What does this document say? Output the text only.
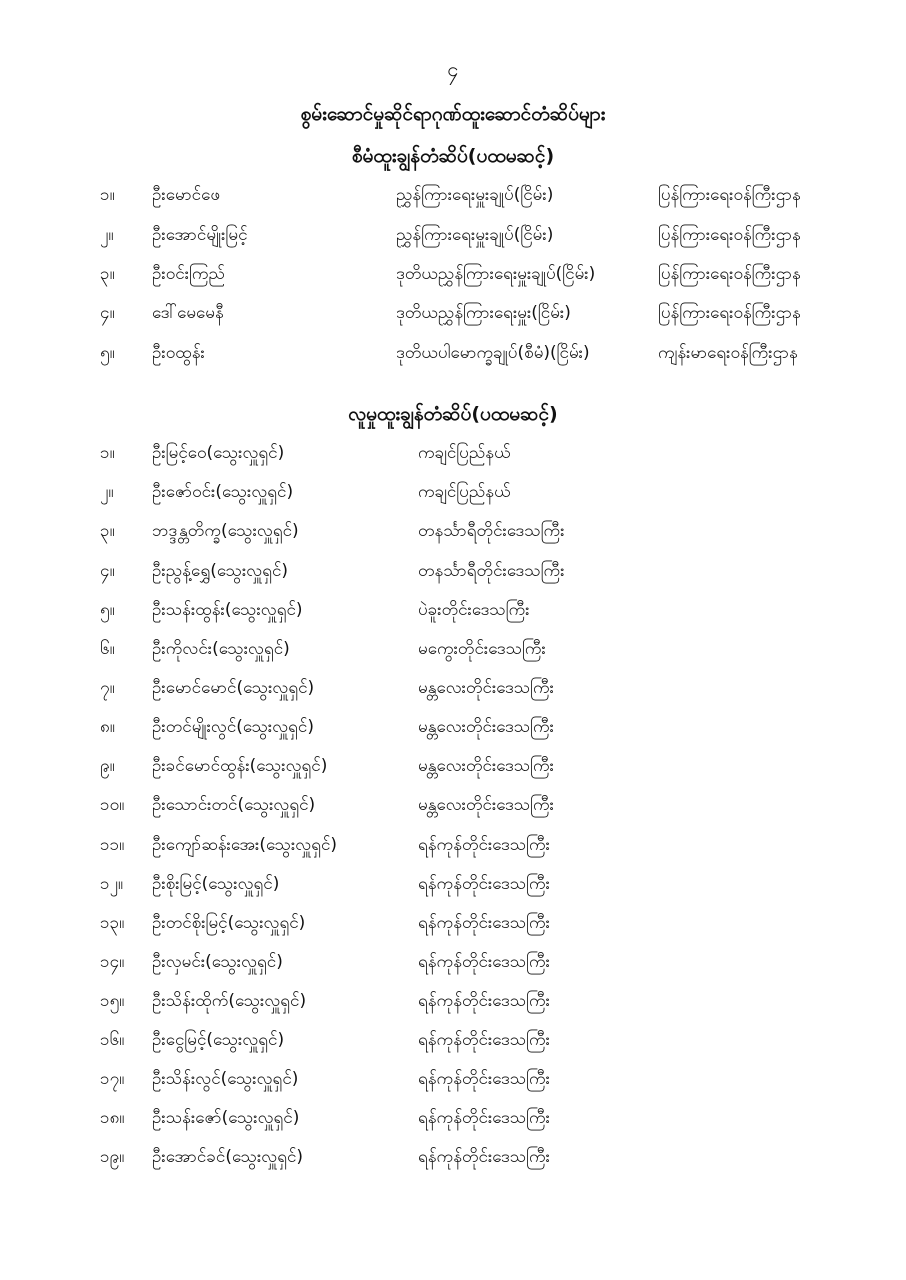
၄
စွမ်းဆောင်မှုဆိုင်ရာဂုဏ်ထူးဆောင်တံဆိပ်များ
စီမံထူးချွန်တံဆိပ်(ပထမဆင့်)
၁။ ဦးမောင်ဖေ	ညွှန်ကြားရေးမှူးချုပ်(ငြိမ်း)	ပြန်ကြားရေးဝန်ကြီးဌာန
၂။ ဦးအောင်မျိုးမြင့်	ညွှန်ကြားရေးမှူးချုပ်(ငြိမ်း)	ပြန်ကြားရေးဝန်ကြီးဌာန
၃။ ဦးဝင်းကြည်	ဒုတိယညွှန်ကြားရေးမှူးချုပ်(ငြိမ်း)	ပြန်ကြားရေးဝန်ကြီးဌာန
၄။ ဒေါ်မေမေနီ	ဒုတိယညွှန်ကြားရေးမှူး(ငြိမ်း)	ပြန်ကြားရေးဝန်ကြီးဌာန
၅။ ဦးဝထွန်း	ဒုတိယပါမောက္ခချုပ်(စီမံ)(ငြိမ်း)	ကျန်းမာရေးဝန်ကြီးဌာန
လူမှုထူးချွန်တံဆိပ်(ပထမဆင့်)
၁။ ဦးမြင့်ဝေ(သွေးလှူရှင်)	ကချင်ပြည်နယ်
၂။ ဦးဇော်ဝင်း(သွေးလှူရှင်)	ကချင်ပြည်နယ်
၃။ ဘဒ္ဒန္တတိက္ခ(သွေးလှူရှင်)	တနင်္သာရီတိုင်းဒေသကြီး
၄။ ဦးညွန့်ရွှေ(သွေးလှူရှင်)	တနင်္သာရီတိုင်းဒေသကြီး
၅။ ဦးသန်းထွန်း(သွေးလှူရှင်)	ပဲခူးတိုင်းဒေသကြီး
၆။ ဦးကိုလင်း(သွေးလှူရှင်)	မကွေးတိုင်းဒေသကြီး
၇။ ဦးမောင်မောင်(သွေးလှူရှင်)	မန္တလေးတိုင်းဒေသကြီး
၈။ ဦးတင်မျိုးလွင်(သွေးလှူရှင်)	မန္တလေးတိုင်းဒေသကြီး
၉။ ဦးခင်မောင်ထွန်း(သွေးလှူရှင်)	မန္တလေးတိုင်းဒေသကြီး
၁၀။ ဦးသောင်းတင်(သွေးလှူရှင်)	မန္တလေးတိုင်းဒေသကြီး
၁၁။ ဦးကျော်ဆန်းအေး(သွေးလှူရှင်)	ရန်ကုန်တိုင်းဒေသကြီး
၁၂။ ဦးစိုးမြင့်(သွေးလှူရှင်)	ရန်ကုန်တိုင်းဒေသကြီး
၁၃။ ဦးတင်စိုးမြင့်(သွေးလှူရှင်)	ရန်ကုန်တိုင်းဒေသကြီး
၁၄။ ဦးလှမင်း(သွေးလှူရှင်)	ရန်ကုန်တိုင်းဒေသကြီး
၁၅။ ဦးသိန်းထိုက်(သွေးလှူရှင်)	ရန်ကုန်တိုင်းဒေသကြီး
၁၆။ ဦးငွေမြင့်(သွေးလှူရှင်)	ရန်ကုန်တိုင်းဒေသကြီး
၁၇။ ဦးသိန်းလွင်(သွေးလှူရှင်)	ရန်ကုန်တိုင်းဒေသကြီး
၁၈။ ဦးသန်းဇော်(သွေးလှူရှင်)	ရန်ကုန်တိုင်းဒေသကြီး
၁၉။ ဦးအောင်ခင်(သွေးလှူရှင်)	ရန်ကုန်တိုင်းဒေသကြီး
